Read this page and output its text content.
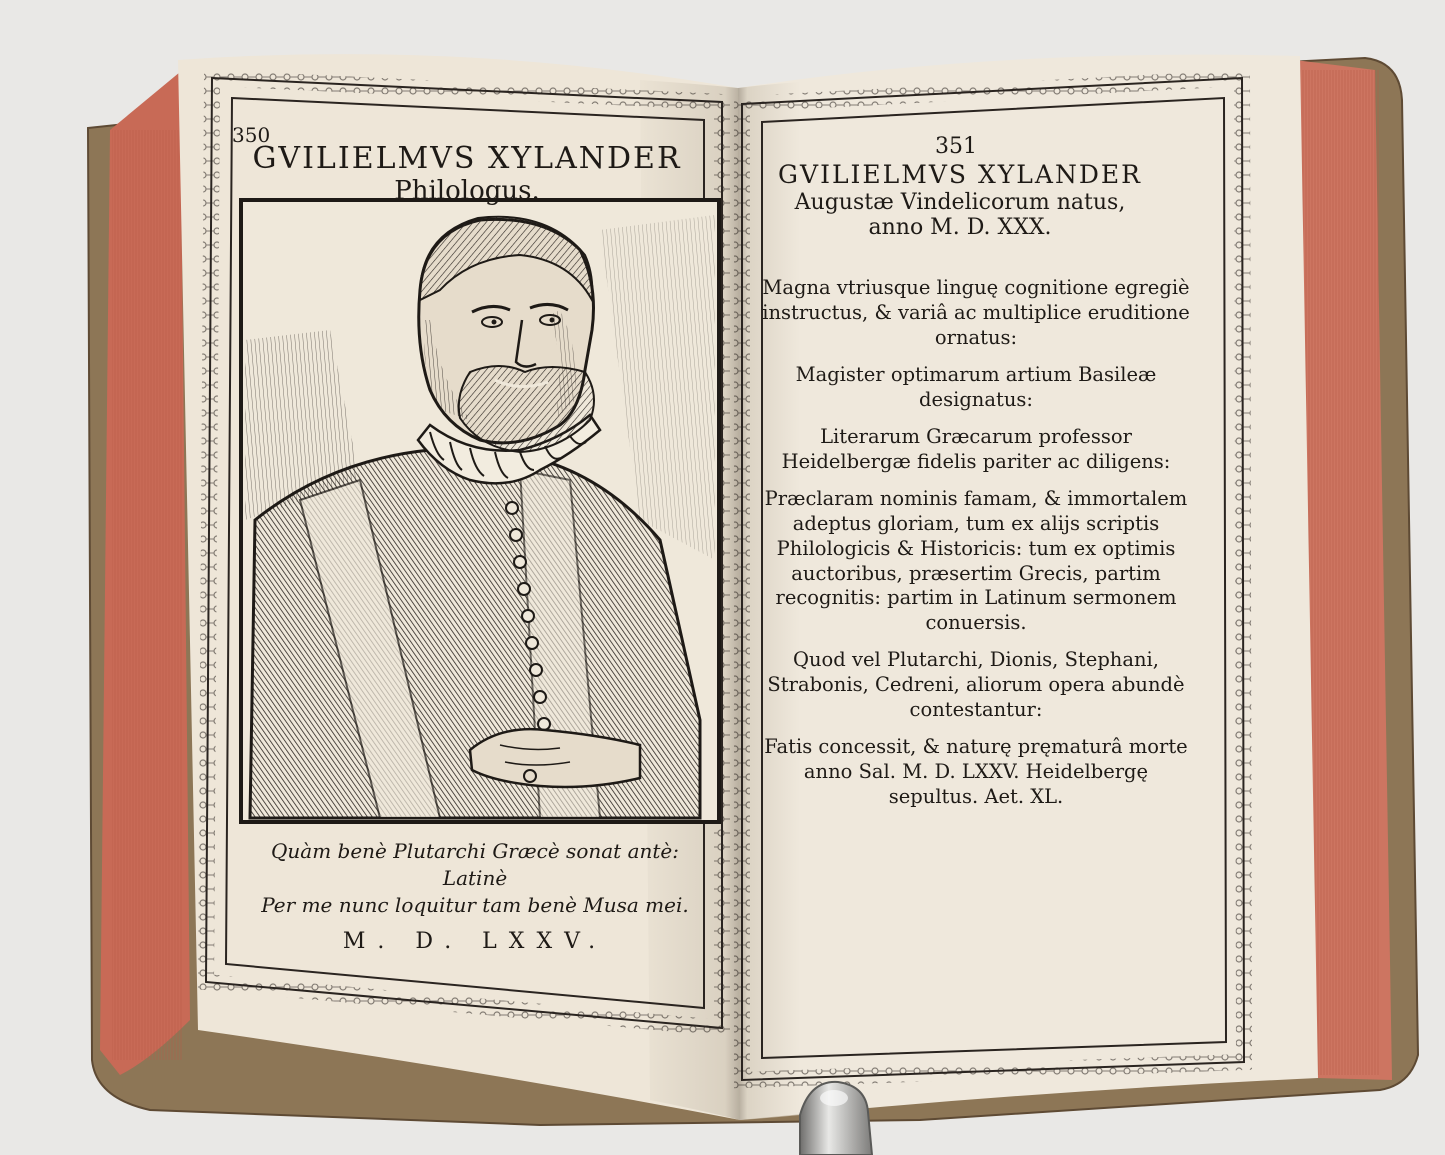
350
GVILIELMVS XYLANDER
Philologus.
Quàm benè Plutarchi Græcè sonat antè: Latinè
Per me nunc loquitur tam benè Musa mei.
M. D. LXXV.
351
GVILIELMVS XYLANDER
Augustæ Vindelicorum natus,
anno M. D. XXX.

Magna vtriusque linguę cognitione egregiè instructus, & variâ ac multiplice eruditione ornatus:

Magister optimarum artium Basileæ designatus:

Literarum Græcarum professor Heidelbergæ fidelis pariter ac diligens:

Præclaram nominis famam, & immortalem adeptus gloriam, tum ex alijs scriptis Philologicis & Historicis: tum ex optimis auctoribus, præsertim Grecis, partim recognitis: partim in Latinum sermonem conuersis.

Quod vel Plutarchi, Dionis, Stephani, Strabonis, Cedreni, aliorum opera abundè contestantur:

Fatis concessit, & naturę pręmaturâ morte anno Sal. M. D. LXXV. Heidelbergę sepultus. Aet. XL.
